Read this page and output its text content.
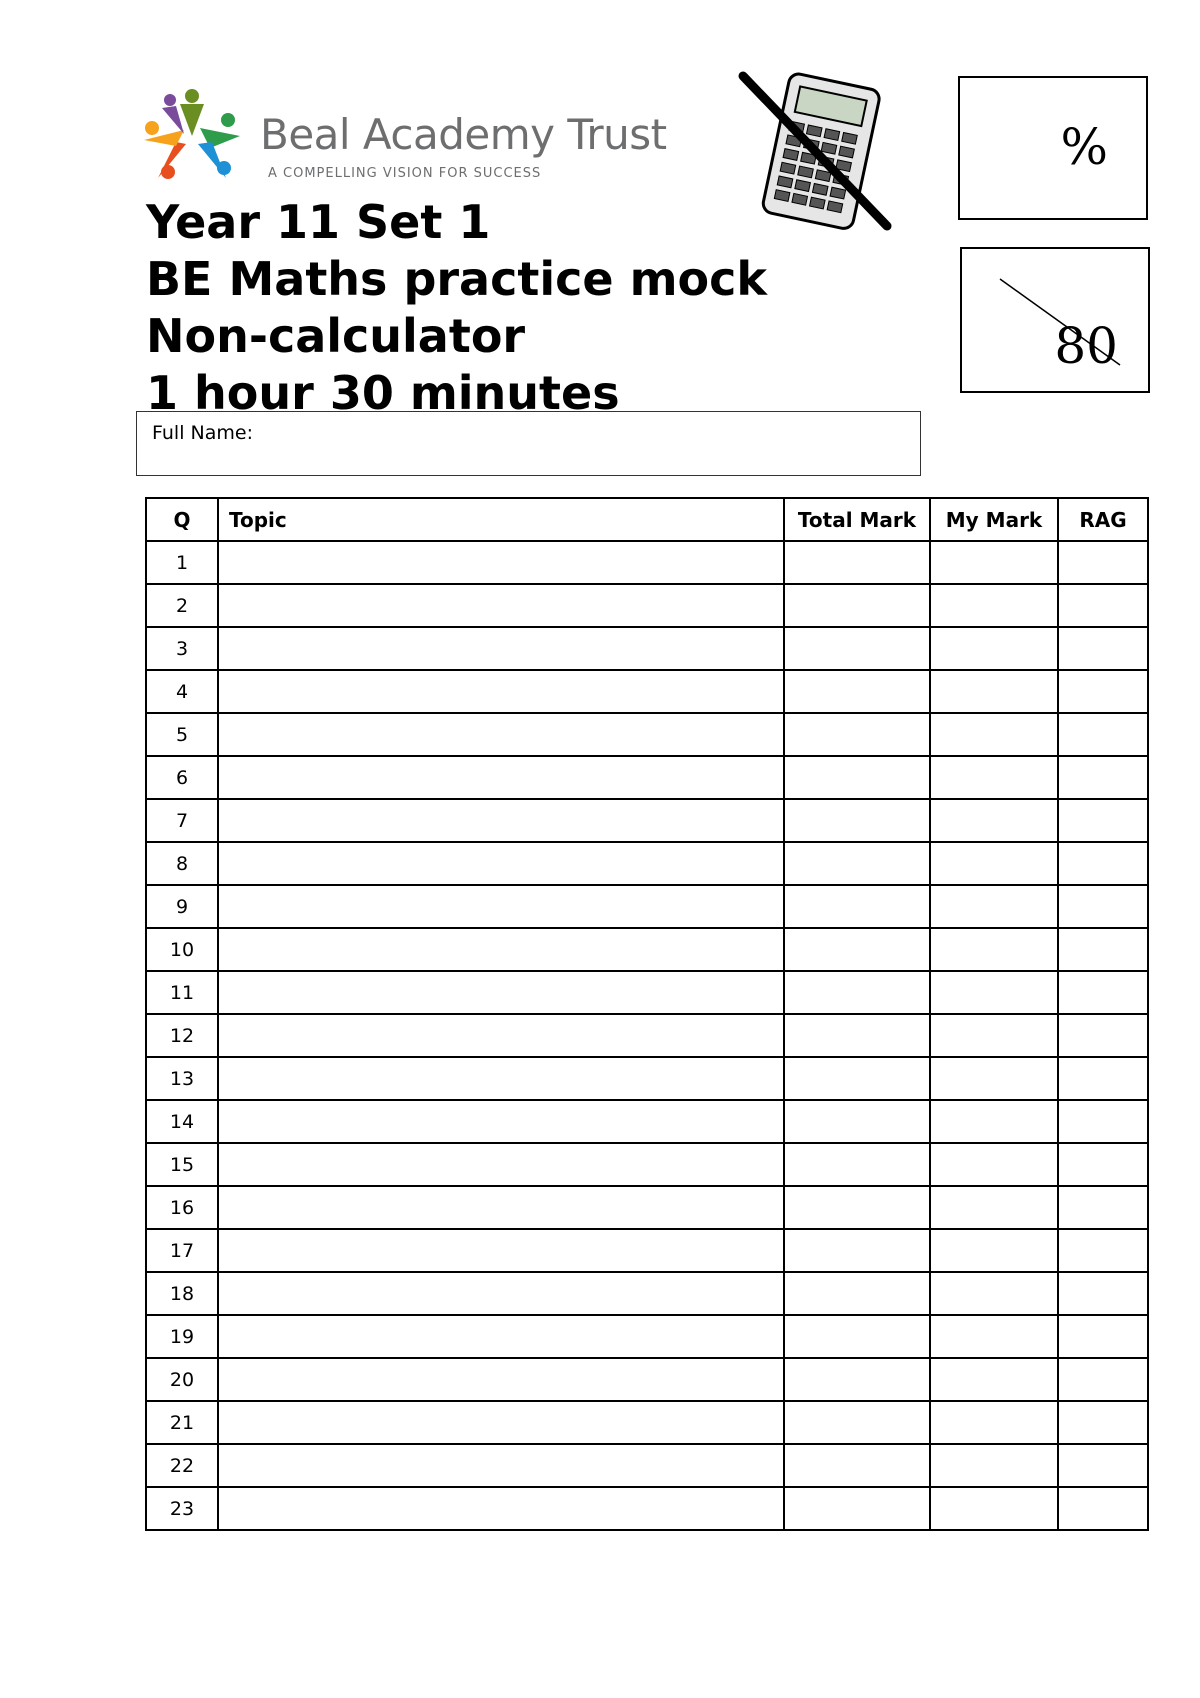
Beal Academy Trust
A COMPELLING VISION FOR SUCCESS
Year 11 Set 1
BE Maths practice mock
Non-calculator
1 hour 30 minutes
%
80
Full Name:
Q	Topic	Total Mark	My Mark	RAG
1				
2				
3				
4				
5				
6				
7				
8				
9				
10				
11				
12				
13				
14				
15				
16				
17				
18				
19				
20				
21				
22				
23				
